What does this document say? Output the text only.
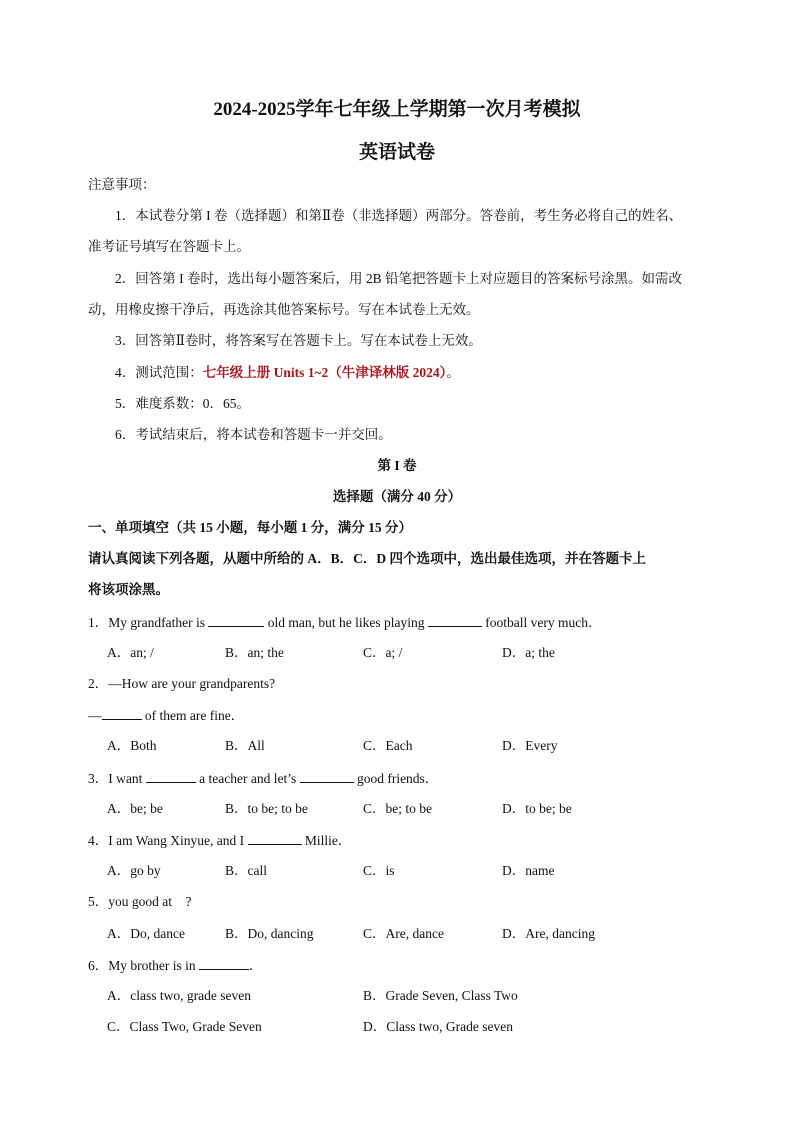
2024-2025学年七年级上学期第一次月考模拟
英语试卷
注意事项：
1．本试卷分第 I 卷（选择题）和第Ⅱ卷（非选择题）两部分。答卷前，考生务必将自己的姓名、
准考证号填写在答题卡上。
2．回答第 I 卷时，选出每小题答案后，用 2B 铅笔把答题卡上对应题目的答案标号涂黑。如需改
动，用橡皮擦干净后，再选涂其他答案标号。写在本试卷上无效。
3．回答第Ⅱ卷时，将答案写在答题卡上。写在本试卷上无效。
4．测试范围：七年级上册 Units 1~2（牛津译林版 2024）。
5．难度系数：0．65。
6．考试结束后，将本试卷和答题卡一并交回。
第 I 卷
选择题（满分 40 分）
一、单项填空（共 15 小题，每小题 1 分，满分 15 分）
请认真阅读下列各题，从题中所给的 A．B．C．D 四个选项中，选出最佳选项，并在答题卡上
将该项涂黑。
1．My grandfather is	old man, but he likes playing	football very much．
A．an; /	B．an; the	C．a; /	D．a; the
2．—How are your grandparents?
—	of them are fine．
A．Both	B．All	C．Each	D．Every
3．I want	a teacher and let’s	good friends．
A．be; be	B．to be; to be	C．be; to be	D．to be; be
4．I am Wang Xinyue, and I	Millie．
A．go by	B．call	C．is	D．name
5．you good at　?
A．Do, dance	B．Do, dancing	C．Are, dance	D．Are, dancing
6．My brother is in	．
A．class two, grade seven	B．Grade Seven, Class Two
C．Class Two, Grade Seven	D．Class two, Grade seven
